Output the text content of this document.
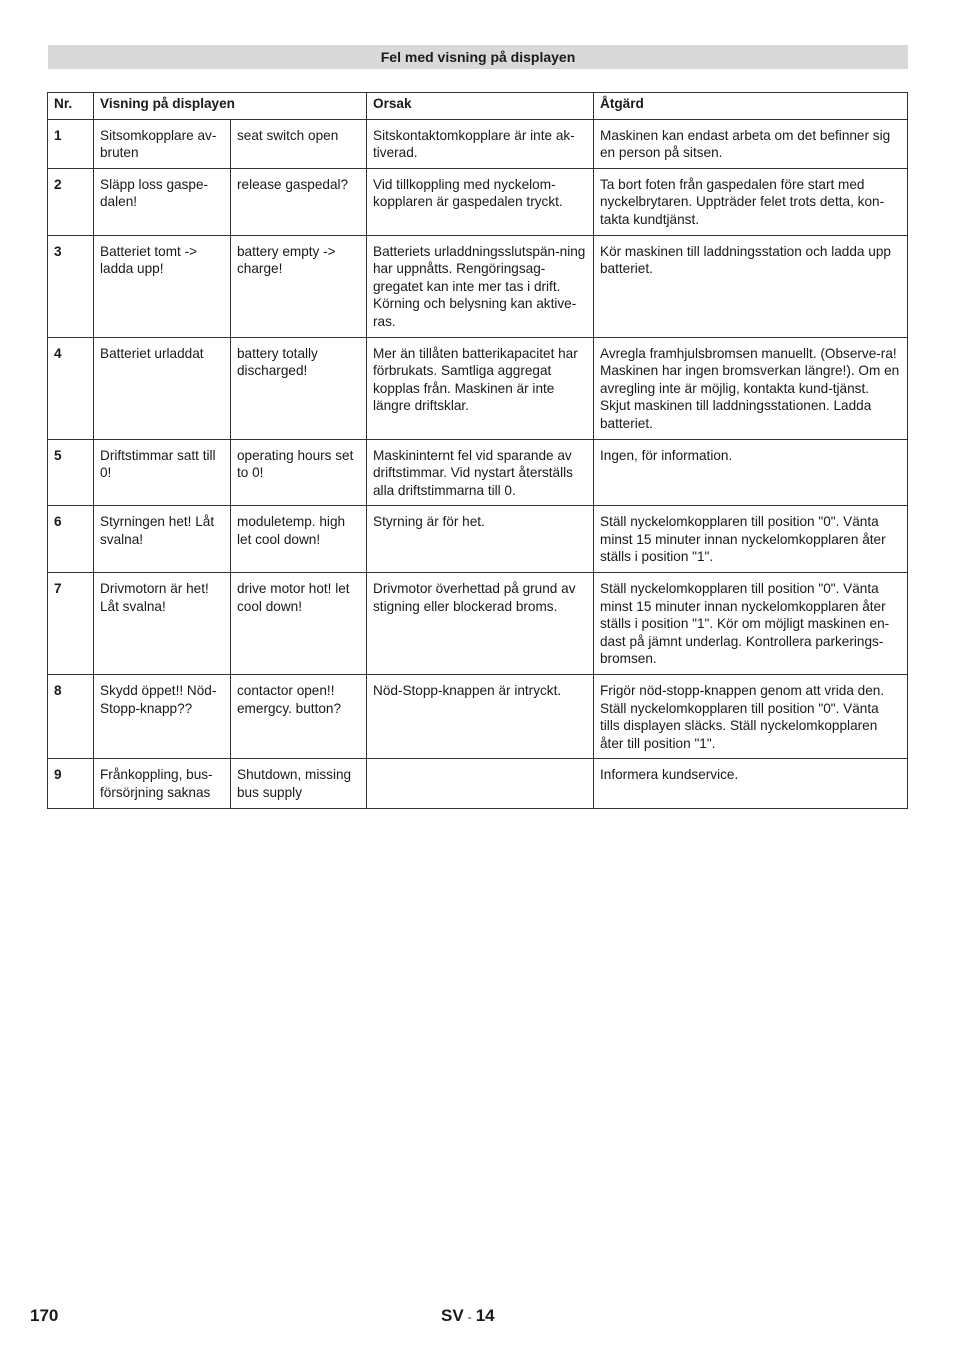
Fel med visning på displayen
Nr.	Visning på displayen		Orsak	Åtgärd
1	Sitsomkopplare av-bruten	seat switch open	Sitskontaktomkopplare är inte ak-tiverad.	Maskinen kan endast arbeta om det befinner sig en person på sitsen.
2	Släpp loss gaspe-dalen!	release gaspedal?	Vid tillkoppling med nyckelom-kopplaren är gaspedalen tryckt.	Ta bort foten från gaspedalen före start med nyckelbrytaren. Uppträder felet trots detta, kon-takta kundtjänst.
3	Batteriet tomt -> ladda upp!	battery empty -> charge!	Batteriets urladdningsslutspän-ning har uppnåtts. Rengöringsag-gregatet kan inte mer tas i drift. Körning och belysning kan aktive-ras.	Kör maskinen till laddningsstation och ladda upp batteriet.
4	Batteriet urladdat	battery totally discharged!	Mer än tillåten batterikapacitet har förbrukats. Samtliga aggregat kopplas från. Maskinen är inte längre driftsklar.	Avregla framhjulsbromsen manuellt. (Observe-ra! Maskinen har ingen bromsverkan längre!). Om en avregling inte är möjlig, kontakta kund-tjänst. Skjut maskinen till laddningsstationen. Ladda batteriet.
5	Driftstimmar satt till 0!	operating hours set to 0!	Maskininternt fel vid sparande av driftstimmar. Vid nystart återställs alla driftstimmarna till 0.	Ingen, för information.
6	Styrningen het! Låt svalna!	moduletemp. high let cool down!	Styrning är för het.	Ställ nyckelomkopplaren till position "0". Vänta minst 15 minuter innan nyckelomkopplaren åter ställs i position "1".
7	Drivmotorn är het! Låt svalna!	drive motor hot! let cool down!	Drivmotor överhettad på grund av stigning eller blockerad broms.	Ställ nyckelomkopplaren till position "0". Vänta minst 15 minuter innan nyckelomkopplaren åter ställs i position "1". Kör om möjligt maskinen en-dast på jämnt underlag. Kontrollera parkerings-bromsen.
8	Skydd öppet!! Nöd-Stopp-knapp??	contactor open!! emergcy. button?	Nöd-Stopp-knappen är intryckt.	Frigör nöd-stopp-knappen genom att vrida den. Ställ nyckelomkopplaren till position "0". Vänta tills displayen släcks. Ställ nyckelomkopplaren åter till position "1".
9	Frånkoppling, bus-försörjning saknas	Shutdown, missing bus supply		Informera kundservice.
170	SV - 14
